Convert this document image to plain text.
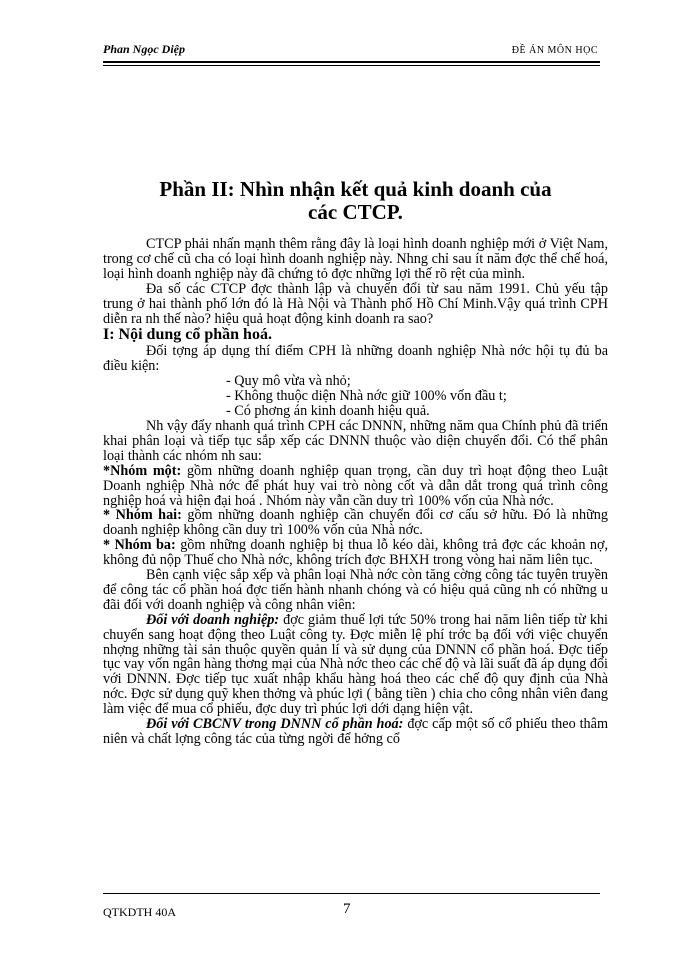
Phan Ngọc Diệp	ĐỀ ÁN MÔN HỌC
Phần II: Nhìn nhận kết quả kinh doanh của
các CTCP.

CTCP phải nhấn mạnh thêm rằng đây là loại hình doanh nghiệp mới ở Việt Nam, trong cơ chế cũ cha có loại hình doanh nghiệp này. Nhng chỉ sau ít năm đợc thể chế hoá, loại hình doanh nghiệp này đã chứng tỏ đợc những lợi thế rõ rệt của mình.

Đa số các CTCP đợc thành lập và chuyển đổi từ sau năm 1991. Chủ yếu tập trung ở hai thành phố lớn đó là Hà Nội và Thành phố Hồ Chí Minh.Vậy quá trình CPH diễn ra nh thế nào? hiệu quả hoạt động kinh doanh ra sao?

I: Nội dung cổ phần hoá.

Đối tợng áp dụng thí điểm CPH là những doanh nghiệp Nhà nớc hội tụ đủ ba điều kiện:

- Quy mô vừa và nhỏ;

- Không thuộc diện Nhà nớc giữ 100% vốn đầu t;

- Có phơng án kinh doanh hiệu quả.

Nh vậy đẩy nhanh quá trình CPH các DNNN, những năm qua Chính phủ đã triển khai phân loại và tiếp tục sắp xếp các DNNN thuộc vào diện chuyển đổi. Có thể phân loại thành các nhóm nh sau:

*Nhóm một: gồm những doanh nghiệp quan trọng, cần duy trì hoạt động theo Luật Doanh nghiệp Nhà nớc để phát huy vai trò nòng cốt và dẫn dắt trong quá trình công nghiệp hoá và hiện đại hoá . Nhóm này vẫn cần duy trì 100% vốn của Nhà nớc.

* Nhóm hai: gồm những doanh nghiệp cần chuyển đổi cơ cấu sở hữu. Đó là những doanh nghiệp không cần duy trì 100% vốn của Nhà nớc.

* Nhóm ba: gồm những doanh nghiệp bị thua lỗ kéo dài, không trả đợc các khoản nợ, không đủ nộp Thuế cho Nhà nớc, không trích đợc BHXH trong vòng hai năm liên tục.

Bên cạnh việc sắp xếp và phân loại Nhà nớc còn tăng cờng công tác tuyên truyền để công tác cổ phần hoá đợc tiến hành nhanh chóng và có hiệu quả cũng nh có những u đãi đối với doanh nghiệp và công nhân viên:

Đối với doanh nghiệp: đợc giảm thuế lợi tức 50% trong hai năm liên tiếp từ khi chuyển sang hoạt động theo Luật công ty. Đợc miễn lệ phí trớc bạ đối với việc chuyển nhợng những tài sản thuộc quyền quản lí và sử dụng của DNNN cổ phần hoá. Đợc tiếp tục vay vốn ngân hàng thơng mại của Nhà nớc theo các chế độ và lãi suất đã áp dụng đối với DNNN. Đợc tiếp tục xuất nhập khẩu hàng hoá theo các chế độ quy định của Nhà nớc. Đợc sử dụng quỹ khen thởng và phúc lợi ( bằng tiền ) chia cho công nhân viên đang làm việc để mua cổ phiếu, đợc duy trì phúc lợi dới dạng hiện vật.

Đối với CBCNV trong DNNN cổ phần hoá: đợc cấp một số cổ phiếu theo thâm niên và chất lợng công tác của từng ngời để hởng cổ

QTKDTH 40A	7
